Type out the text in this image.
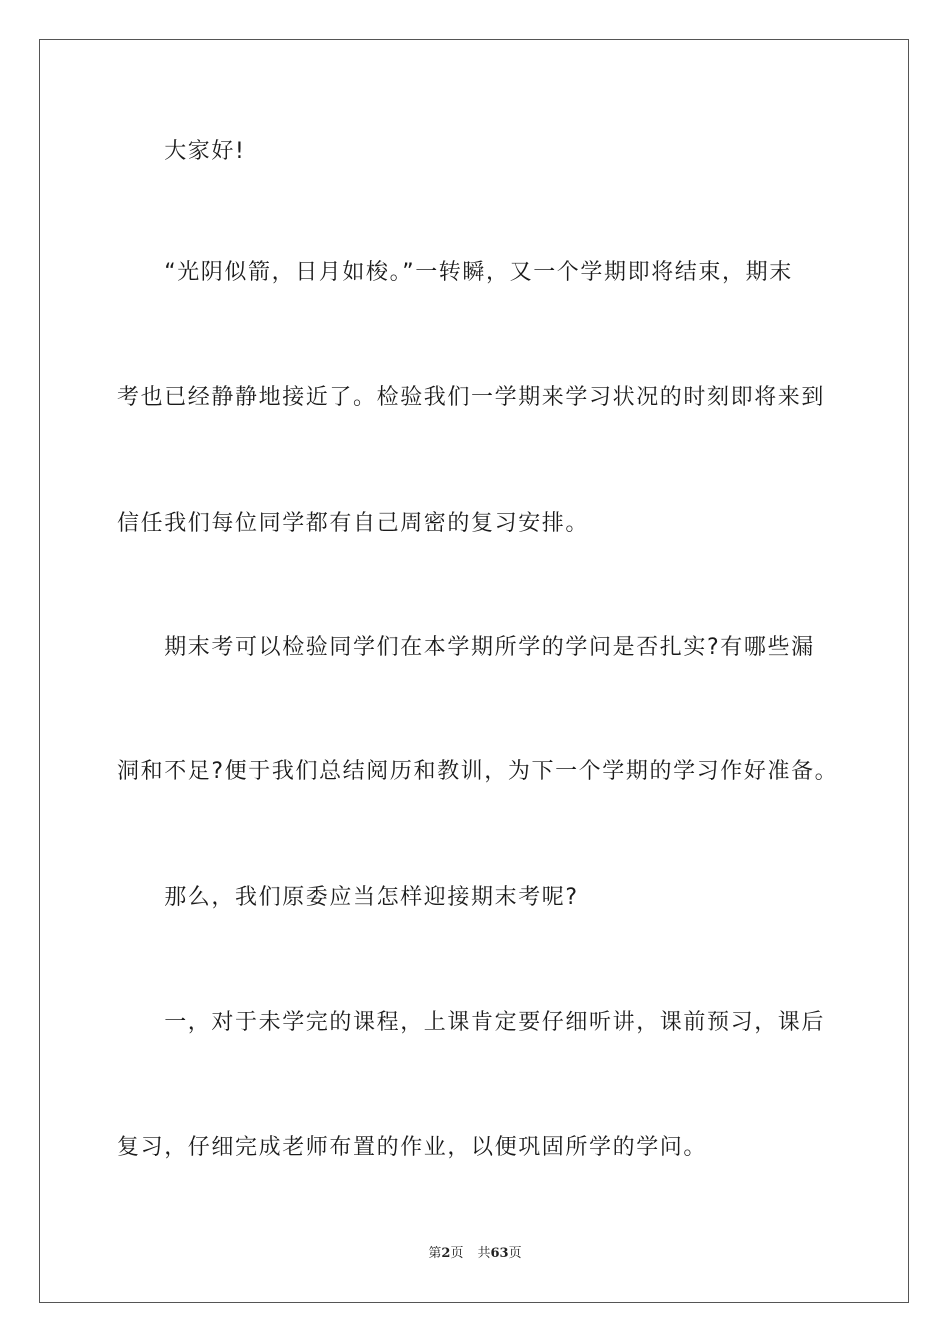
　　大家好!
　　“光阴似箭，日月如梭。”一转瞬，又一个学期即将结束，期末
考也已经静静地接近了。检验我们一学期来学习状况的时刻即将来到
信任我们每位同学都有自己周密的复习安排。
　　期末考可以检验同学们在本学期所学的学问是否扎实?有哪些漏
洞和不足?便于我们总结阅历和教训，为下一个学期的学习作好准备。
　　那么，我们原委应当怎样迎接期末考呢?
　　一，对于未学完的课程，上课肯定要仔细听讲，课前预习，课后
复习，仔细完成老师布置的作业，以便巩固所学的学问。
第2页 共63页
